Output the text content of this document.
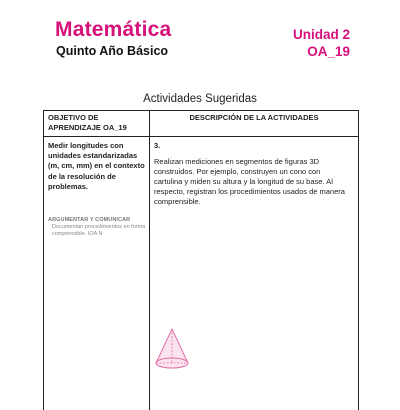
Matemática
Quinto Año Básico
Unidad 2
OA_19
Actividades Sugeridas
OBJETIVO DE APRENDIZAJE OA_19
DESCRIPCIÓN DE LA ACTIVIDADES
Medir longitudes con unidades estandarizadas (m, cm, mm) en el contexto de la resolución de problemas.
ARGUMENTAR Y COMUNICAR
Documentan procedimientos en forma comprensible. IOA N
3.
Realizan mediciones en segmentos de figuras 3D construidos. Por ejemplo, construyen un cono con cartulina y miden su altura y la longitud de su base. Al respecto, registran los procedimientos usados de manera comprensible.
